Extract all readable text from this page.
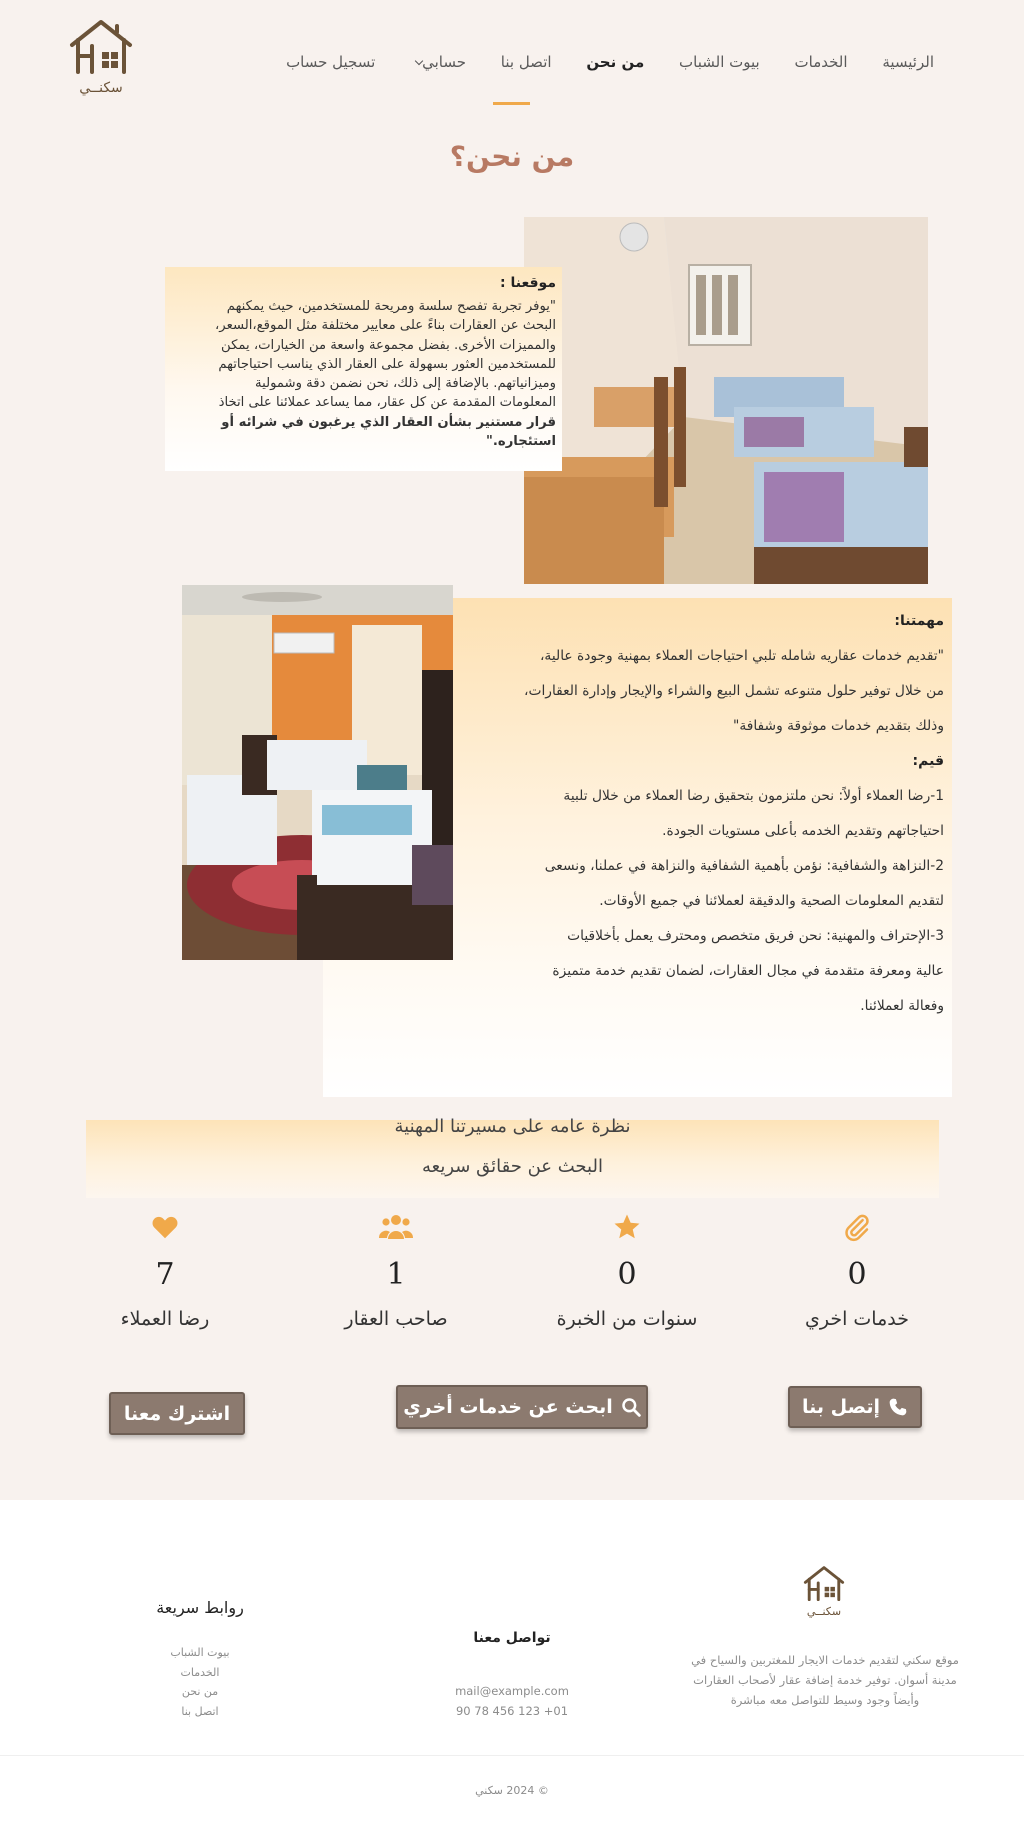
سكنــي
الرئيسية
الخدمات
بيوت الشباب
من نحن
اتصل بنا
حسابي
تسجيل حساب
من نحن؟
موقعنا :
"يوفر تجربة تفصح سلسة ومريحة للمستخدمين، حيث يمكنهم
البحث عن العقارات بناءً على معايير مختلفة مثل الموقع،السعر،
والمميزات الأخرى. بفضل مجموعة واسعة من الخيارات، يمكن
للمستخدمين العثور بسهولة على العقار الذي يناسب احتياجاتهم
وميزانياتهم. بالإضافة إلى ذلك، نحن نضمن دقة وشمولية
المعلومات المقدمة عن كل عقار، مما يساعد عملائنا على اتخاذ
قرار مستنير بشأن العقار الذي يرغبون في شرائه أو استئجاره."
مهمتنا:
"تقديم خدمات عقاريه شامله تلبي احتياجات العملاء بمهنية وجودة عالية،
من خلال توفير حلول متنوعه تشمل البيع والشراء والإيجار وإدارة العقارات،
وذلك بتقديم خدمات موثوقة وشفافة"
قيم:
1-رضا العملاء أولاً: نحن ملتزمون بتحقيق رضا العملاء من خلال تلبية
احتياجاتهم وتقديم الخدمه بأعلى مستويات الجودة.
2-النزاهة والشفافية: نؤمن بأهمية الشفافية والنزاهة في عملنا، ونسعى
لتقديم المعلومات الصحية والدقيقة لعملائنا في جميع الأوقات.
3-الإحتراف والمهنية: نحن فريق متخصص ومحترف يعمل بأخلاقيات
عالية ومعرفة متقدمة في مجال العقارات، لضمان تقديم خدمة متميزة
وفعالة لعملائنا.
نظرة عامه على مسيرتنا المهنية
البحث عن حقائق سريعه
0
خدمات اخري
0
سنوات من الخبرة
1
صاحب العقار
7
رضا العملاء
إتصل بنا
ابحث عن خدمات أخري
اشترك معنا
سكنــي
موقع سكني لتقديم خدمات الايجار للمغتربين والسياح في
مدينة أسوان. توفير خدمة إضافة عقار لأصحاب العقارات
وأيضاً وجود وسيط للتواصل معه مباشرة
تواصل معنا
mail@example.com
01+ 123 456 78 90
روابط سريعة
بيوت الشباب
الخدمات
من نحن
اتصل بنا
© 2024 سكني
